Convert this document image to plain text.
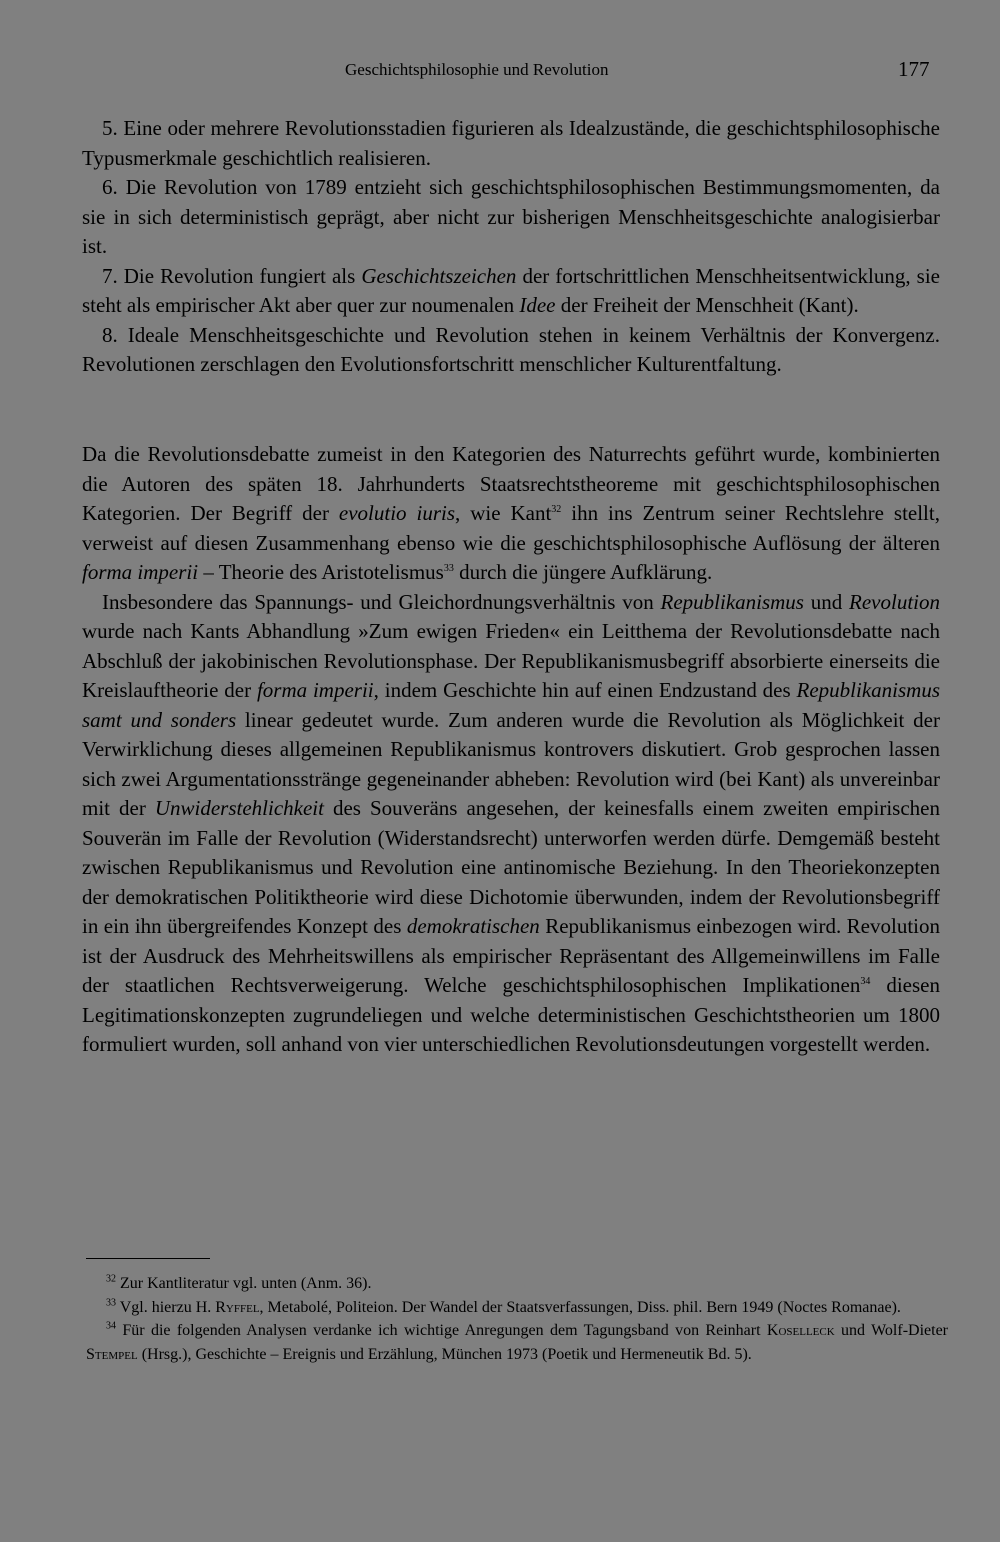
Geschichtsphilosophie und Revolution	177

5. Eine oder mehrere Revolutionsstadien figurieren als Idealzustände, die geschichtsphilosophische Typusmerkmale geschichtlich realisieren.

6. Die Revolution von 1789 entzieht sich geschichtsphilosophischen Bestimmungsmomenten, da sie in sich deterministisch geprägt, aber nicht zur bisherigen Menschheitsgeschichte analogisierbar ist.

7. Die Revolution fungiert als Geschichtszeichen der fortschrittlichen Menschheitsentwicklung, sie steht als empirischer Akt aber quer zur noumenalen Idee der Freiheit der Menschheit (Kant).

8. Ideale Menschheitsgeschichte und Revolution stehen in keinem Verhältnis der Konvergenz. Revolutionen zerschlagen den Evolutionsfortschritt menschlicher Kulturentfaltung.

Da die Revolutionsdebatte zumeist in den Kategorien des Naturrechts geführt wurde, kombinierten die Autoren des späten 18. Jahrhunderts Staatsrechtstheoreme mit geschichtsphilosophischen Kategorien. Der Begriff der evolutio iuris, wie Kant$^{32}$ ihn ins Zentrum seiner Rechtslehre stellt, verweist auf diesen Zusammenhang ebenso wie die geschichtsphilosophische Auflösung der älteren forma imperii – Theorie des Aristotelismus$^{33}$ durch die jüngere Aufklärung.

Insbesondere das Spannungs- und Gleichordnungsverhältnis von Republikanismus und Revolution wurde nach Kants Abhandlung »Zum ewigen Frieden« ein Leitthema der Revolutionsdebatte nach Abschluß der jakobinischen Revolutionsphase. Der Republikanismusbegriff absorbierte einerseits die Kreislauftheorie der forma imperii, indem Geschichte hin auf einen Endzustand des Republikanismus samt und sonders linear gedeutet wurde. Zum anderen wurde die Revolution als Möglichkeit der Verwirklichung dieses allgemeinen Republikanismus kontrovers diskutiert. Grob gesprochen lassen sich zwei Argumentationsstränge gegeneinander abheben: Revolution wird (bei Kant) als unvereinbar mit der Unwiderstehlichkeit des Souveräns angesehen, der keinesfalls einem zweiten empirischen Souverän im Falle der Revolution (Widerstandsrecht) unterworfen werden dürfe. Demgemäß besteht zwischen Republikanismus und Revolution eine antinomische Beziehung. In den Theoriekonzepten der demokratischen Politiktheorie wird diese Dichotomie überwunden, indem der Revolutionsbegriff in ein ihn übergreifendes Konzept des demokratischen Republikanismus einbezogen wird. Revolution ist der Ausdruck des Mehrheitswillens als empirischer Repräsentant des Allgemeinwillens im Falle der staatlichen Rechtsverweigerung. Welche geschichtsphilosophischen Implikationen$^{34}$ diesen Legitimationskonzepten zugrundeliegen und welche deterministischen Geschichtstheorien um 1800 formuliert wurden, soll anhand von vier unterschiedlichen Revolutionsdeutungen vorgestellt werden.

$^{32}$ Zur Kantliteratur vgl. unten (Anm. 36).

$^{33}$ Vgl. hierzu H. Ryffel, Metabolé, Politeion. Der Wandel der Staatsverfassungen, Diss. phil. Bern 1949 (Noctes Romanae).

$^{34}$ Für die folgenden Analysen verdanke ich wichtige Anregungen dem Tagungsband von Reinhart Koselleck und Wolf-Dieter Stempel (Hrsg.), Geschichte – Ereignis und Erzählung, München 1973 (Poetik und Hermeneutik Bd. 5).
